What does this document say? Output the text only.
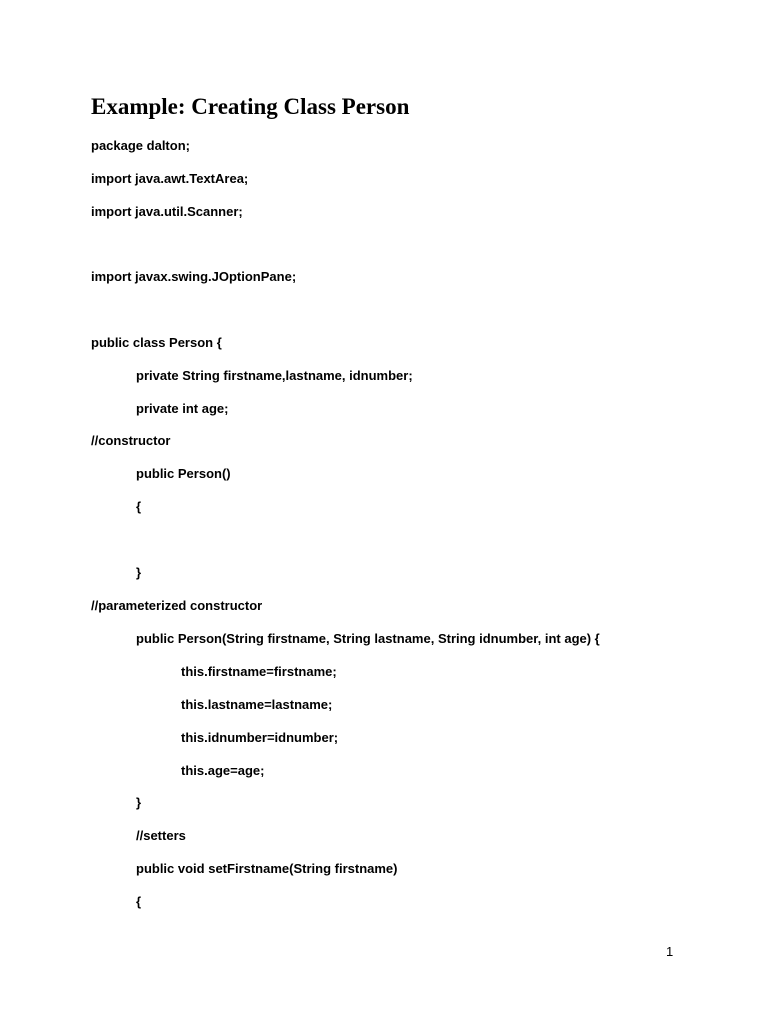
Example: Creating Class Person
package dalton;
import java.awt.TextArea;
import java.util.Scanner;
import javax.swing.JOptionPane;
public class Person {
private String firstname,lastname, idnumber;
private int age;
//constructor
public Person()
{
}
//parameterized constructor
public Person(String firstname, String lastname, String idnumber, int age) {
this.firstname=firstname;
this.lastname=lastname;
this.idnumber=idnumber;
this.age=age;
}
//setters
public void setFirstname(String firstname)
{
1
